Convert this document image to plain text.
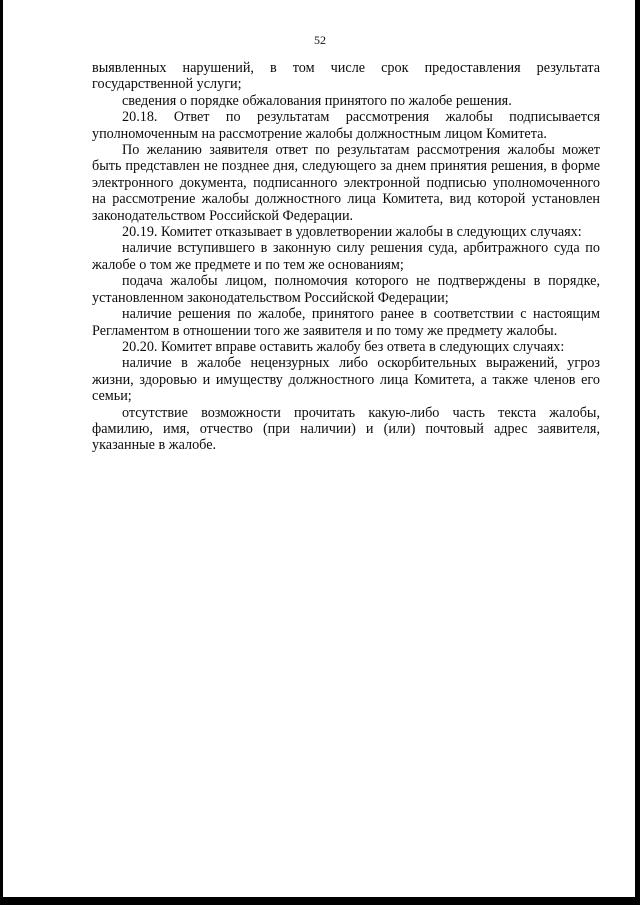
52

выявленных нарушений, в том числе срок предоставления результата государственной услуги;

сведения о порядке обжалования принятого по жалобе решения.

20.18. Ответ по результатам рассмотрения жалобы подписывается уполномоченным на рассмотрение жалобы должностным лицом Комитета.

По желанию заявителя ответ по результатам рассмотрения жалобы может быть представлен не позднее дня, следующего за днем принятия решения, в форме электронного документа, подписанного электронной подписью уполномоченного на рассмотрение жалобы должностного лица Комитета, вид которой установлен законодательством Российской Федерации.

20.19. Комитет отказывает в удовлетворении жалобы в следующих случаях:

наличие вступившего в законную силу решения суда, арбитражного суда по жалобе о том же предмете и по тем же основаниям;

подача жалобы лицом, полномочия которого не подтверждены в порядке, установленном законодательством Российской Федерации;

наличие решения по жалобе, принятого ранее в соответствии с настоящим Регламентом в отношении того же заявителя и по тому же предмету жалобы.

20.20. Комитет вправе оставить жалобу без ответа в следующих случаях:

наличие в жалобе нецензурных либо оскорбительных выражений, угроз жизни, здоровью и имуществу должностного лица Комитета, а также членов его семьи;

отсутствие возможности прочитать какую-либо часть текста жалобы, фамилию, имя, отчество (при наличии) и (или) почтовый адрес заявителя, указанные в жалобе.
